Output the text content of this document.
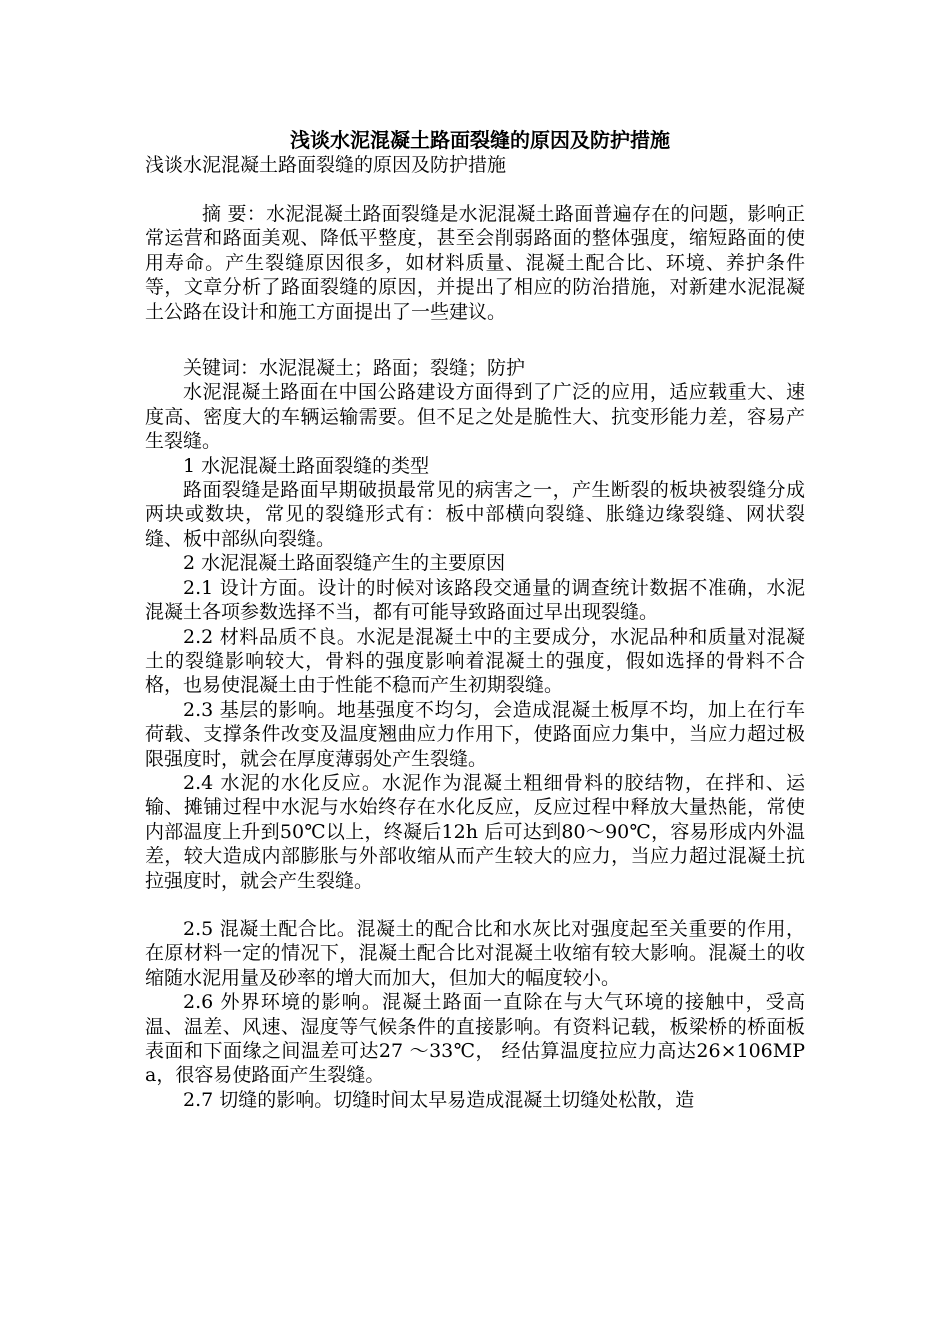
浅谈水泥混凝土路面裂缝的原因及防护措施

浅谈水泥混凝土路面裂缝的原因及防护措施

摘 要：水泥混凝土路面裂缝是水泥混凝土路面普遍存在的问题，影响正常运营和路面美观、降低平整度，甚至会削弱路面的整体强度，缩短路面的使用寿命。产生裂缝原因很多，如材料质量、混凝土配合比、环境、养护条件等，文章分析了路面裂缝的原因，并提出了相应的防治措施，对新建水泥混凝土公路在设计和施工方面提出了一些建议。

关键词：水泥混凝土；路面；裂缝；防护

水泥混凝土路面在中国公路建设方面得到了广泛的应用，适应载重大、速度高、密度大的车辆运输需要。但不足之处是脆性大、抗变形能力差，容易产生裂缝。

1 水泥混凝土路面裂缝的类型

路面裂缝是路面早期破损最常见的病害之一，产生断裂的板块被裂缝分成两块或数块，常见的裂缝形式有：板中部横向裂缝、胀缝边缘裂缝、网状裂缝、板中部纵向裂缝。

2 水泥混凝土路面裂缝产生的主要原因

2.1 设计方面。设计的时候对该路段交通量的调查统计数据不准确，水泥混凝土各项参数选择不当，都有可能导致路面过早出现裂缝。

2.2 材料品质不良。水泥是混凝土中的主要成分，水泥品种和质量对混凝土的裂缝影响较大，骨料的强度影响着混凝土的强度，假如选择的骨料不合格，也易使混凝土由于性能不稳而产生初期裂缝。

2.3 基层的影响。地基强度不均匀，会造成混凝土板厚不均，加上在行车荷载、支撑条件改变及温度翘曲应力作用下，使路面应力集中，当应力超过极限强度时，就会在厚度薄弱处产生裂缝。

2.4 水泥的水化反应。水泥作为混凝土粗细骨料的胶结物，在拌和、运输、摊铺过程中水泥与水始终存在水化反应，反应过程中释放大量热能，常使内部温度上升到50℃以上，终凝后12h 后可达到80～90℃，容易形成内外温差，较大造成内部膨胀与外部收缩从而产生较大的应力，当应力超过混凝土抗拉强度时，就会产生裂缝。

2.5 混凝土配合比。混凝土的配合比和水灰比对强度起至关重要的作用，在原材料一定的情况下，混凝土配合比对混凝土收缩有较大影响。混凝土的收缩随水泥用量及砂率的增大而加大，但加大的幅度较小。

2.6 外界环境的影响。混凝土路面一直除在与大气环境的接触中，受高温、温差、风速、湿度等气候条件的直接影响。有资料记载，板梁桥的桥面板表面和下面缘之间温差可达27 ～33℃， 经估算温度拉应力高达26×106MPa，很容易使路面产生裂缝。

2.7 切缝的影响。切缝时间太早易造成混凝土切缝处松散，造
